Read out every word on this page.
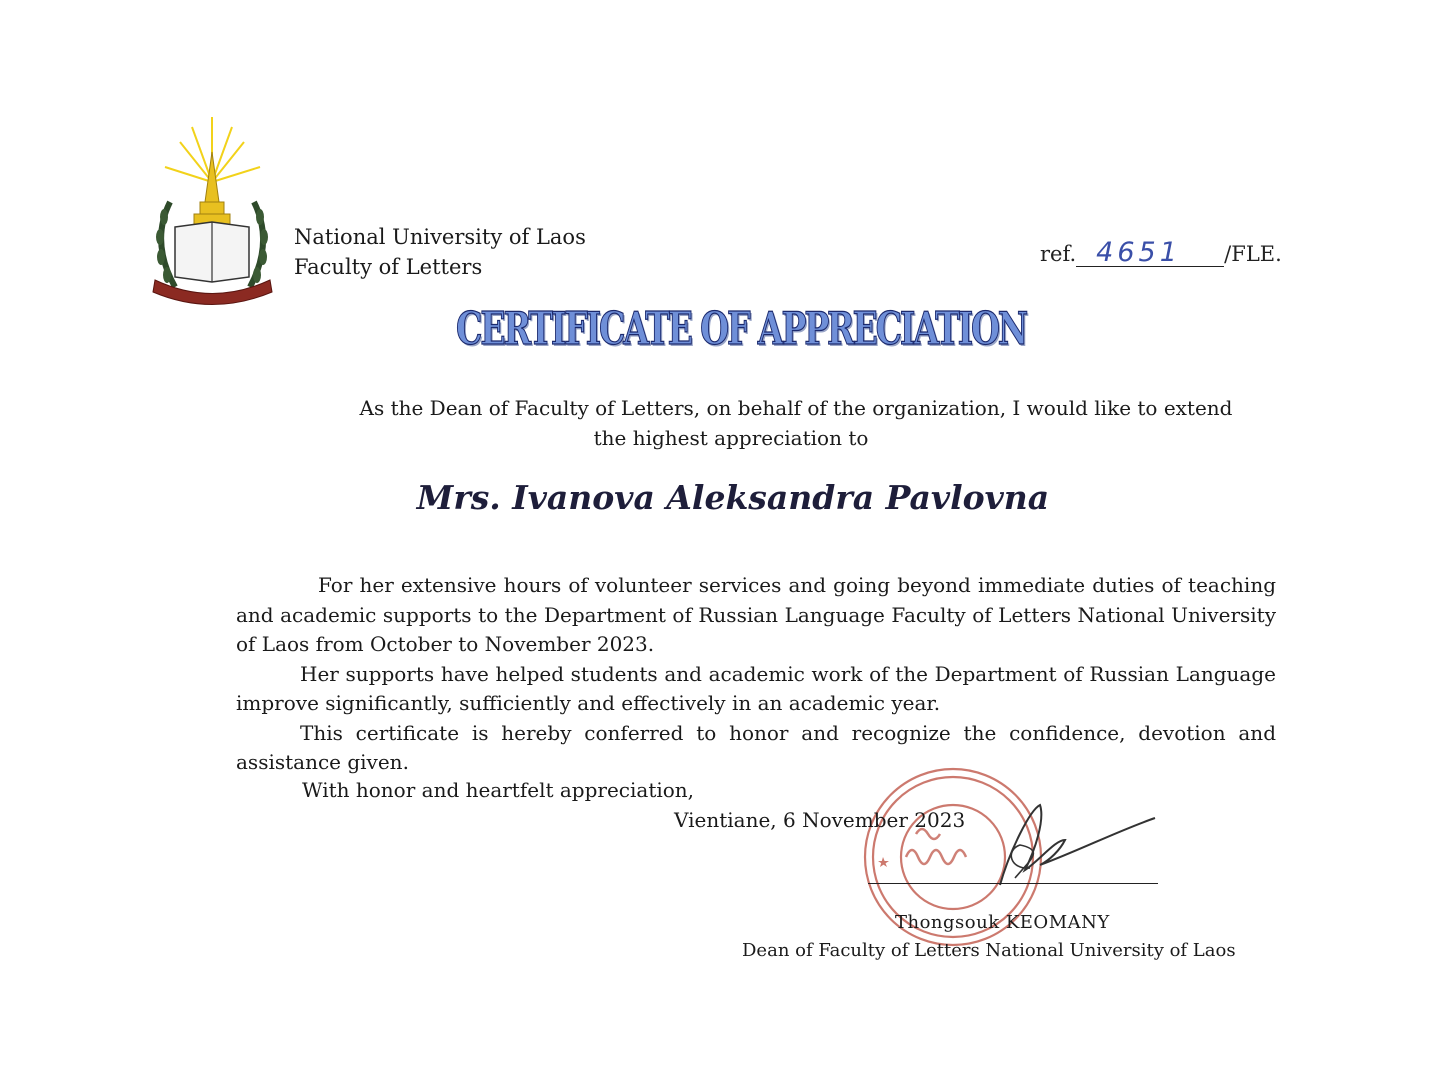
National University of Laos
Faculty of Letters
ref. 4651 /FLE.
CERTIFICATE OF APPRECIATION
As the Dean of Faculty of Letters, on behalf of the organization, I would like to extend
the highest appreciation to
Mrs. Ivanova Aleksandra Pavlovna

For her extensive hours of volunteer services and going beyond immediate duties of teaching and academic supports to the Department of Russian Language Faculty of Letters National University of Laos from October to November 2023.

Her supports have helped students and academic work of the Department of Russian Language improve significantly, sufficiently and effectively in an academic year.

This certificate is hereby conferred to honor and recognize the confidence, devotion and assistance given.

With honor and heartfelt appreciation,
Vientiane, 6 November 2023
Thongsouk KEOMANY
Dean of Faculty of Letters National University of Laos
